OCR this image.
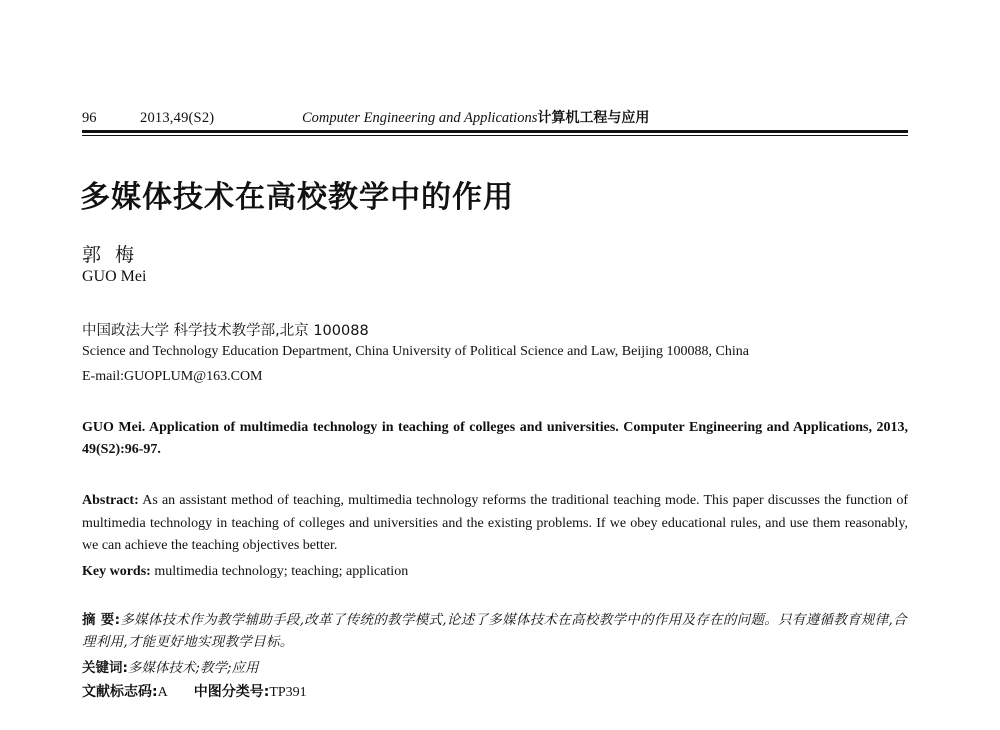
96	2013,49(S2)	Computer Engineering and Applications计算机工程与应用
多媒体技术在高校教学中的作用
郭梅
GUO Mei
中国政法大学 科学技术教学部,北京 100088
Science and Technology Education Department, China University of Political Science and Law, Beijing 100088, China
E-mail:GUOPLUM@163.COM
GUO Mei. Application of multimedia technology in teaching of colleges and universities. Computer Engineering and Applications, 2013, 49(S2):96-97.
Abstract: As an assistant method of teaching, multimedia technology reforms the traditional teaching mode. This paper discusses the function of multimedia technology in teaching of colleges and universities and the existing problems. If we obey educational rules, and use them reasonably, we can achieve the teaching objectives better.
Key words: multimedia technology; teaching; application
摘 要:多媒体技术作为教学辅助手段,改革了传统的教学模式,论述了多媒体技术在高校教学中的作用及存在的问题。只有遵循教育规律,合理利用,才能更好地实现教学目标。
关键词:多媒体技术;教学;应用
文献标志码:A 中图分类号:TP391
